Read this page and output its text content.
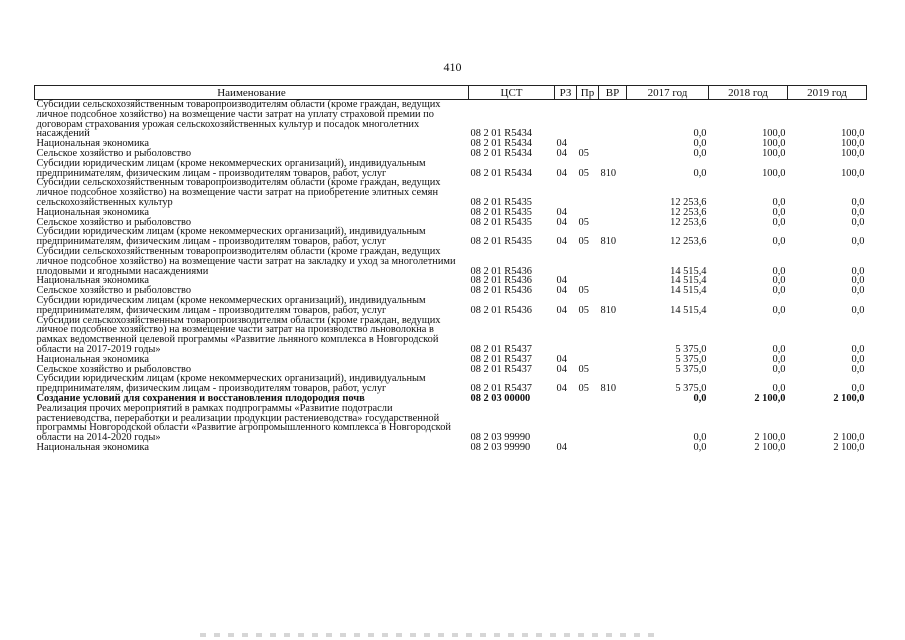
410
Наименование	ЦСТ	РЗ	Пр	ВР	2017 год	2018 год	2019 год
Субсидии сельскохозяйственным товаропроизводителям области (кроме граждан, ведущих личное подсобное хозяйство) на возмещение части затрат на уплату страховой премии по договорам страхования урожая сельскохозяйственных культур и посадок многолетних насаждений	08 2 01 R5434				0,0	100,0	100,0
Национальная экономика	08 2 01 R5434	04			0,0	100,0	100,0
Сельское хозяйство и рыболовство	08 2 01 R5434	04	05		0,0	100,0	100,0
Субсидии юридическим лицам (кроме некоммерческих организаций), индивидуальным предпринимателям, физическим лицам - производителям товаров, работ, услуг	08 2 01 R5434	04	05	810	0,0	100,0	100,0
Субсидии сельскохозяйственным товаропроизводителям области (кроме граждан, ведущих личное подсобное хозяйство) на возмещение части затрат на приобретение элитных семян сельскохозяйственных культур	08 2 01 R5435				12 253,6	0,0	0,0
Национальная экономика	08 2 01 R5435	04			12 253,6	0,0	0,0
Сельское хозяйство и рыболовство	08 2 01 R5435	04	05		12 253,6	0,0	0,0
Субсидии юридическим лицам (кроме некоммерческих организаций), индивидуальным предпринимателям, физическим лицам - производителям товаров, работ, услуг	08 2 01 R5435	04	05	810	12 253,6	0,0	0,0
Субсидии сельскохозяйственным товаропроизводителям области (кроме граждан, ведущих личное подсобное хозяйство) на возмещение части затрат на закладку и уход за многолетними плодовыми и ягодными насаждениями	08 2 01 R5436				14 515,4	0,0	0,0
Национальная экономика	08 2 01 R5436	04			14 515,4	0,0	0,0
Сельское хозяйство и рыболовство	08 2 01 R5436	04	05		14 515,4	0,0	0,0
Субсидии юридическим лицам (кроме некоммерческих организаций), индивидуальным предпринимателям, физическим лицам - производителям товаров, работ, услуг	08 2 01 R5436	04	05	810	14 515,4	0,0	0,0
Субсидии сельскохозяйственным товаропроизводителям области (кроме граждан, ведущих личное подсобное хозяйство) на возмещение части затрат на производство льноволокна в рамках ведомственной целевой программы «Развитие льняного комплекса в Новгородской области на 2017-2019 годы»	08 2 01 R5437				5 375,0	0,0	0,0
Национальная экономика	08 2 01 R5437	04			5 375,0	0,0	0,0
Сельское хозяйство и рыболовство	08 2 01 R5437	04	05		5 375,0	0,0	0,0
Субсидии юридическим лицам (кроме некоммерческих организаций), индивидуальным предпринимателям, физическим лицам - производителям товаров, работ, услуг	08 2 01 R5437	04	05	810	5 375,0	0,0	0,0
Создание условий для сохранения и восстановления плодородия почв	08 2 03 00000				0,0	2 100,0	2 100,0
Реализация прочих мероприятий в рамках подпрограммы «Развитие подотрасли растениеводства, переработки и реализации продукции растениеводства» государственной программы Новгородской области «Развитие агропромышленного комплекса в Новгородской области на 2014-2020 годы»	08 2 03 99990				0,0	2 100,0	2 100,0
Национальная экономика	08 2 03 99990	04			0,0	2 100,0	2 100,0
